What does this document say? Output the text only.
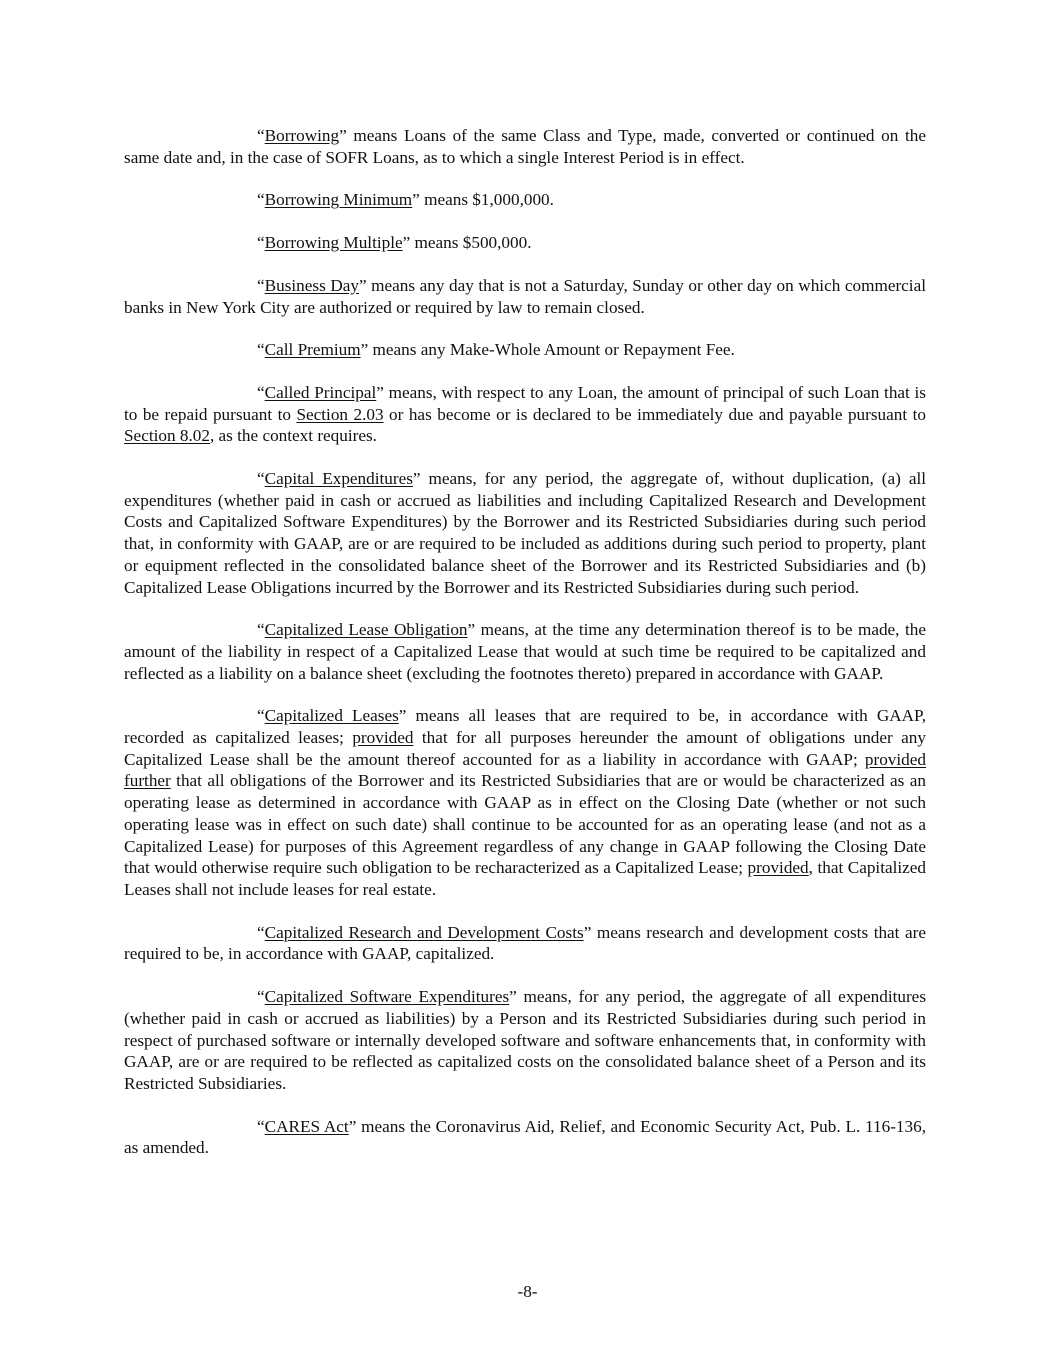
“Borrowing” means Loans of the same Class and Type, made, converted or continued on the same date and, in the case of SOFR Loans, as to which a single Interest Period is in effect.

“Borrowing Minimum” means $1,000,000.

“Borrowing Multiple” means $500,000.

“Business Day” means any day that is not a Saturday, Sunday or other day on which commercial banks in New York City are authorized or required by law to remain closed.

“Call Premium” means any Make-Whole Amount or Repayment Fee.

“Called Principal” means, with respect to any Loan, the amount of principal of such Loan that is to be repaid pursuant to Section 2.03 or has become or is declared to be immediately due and payable pursuant to Section 8.02, as the context requires.

“Capital Expenditures” means, for any period, the aggregate of, without duplication, (a) all expenditures (whether paid in cash or accrued as liabilities and including Capitalized Research and Development Costs and Capitalized Software Expenditures) by the Borrower and its Restricted Subsidiaries during such period that, in conformity with GAAP, are or are required to be included as additions during such period to property, plant or equipment reflected in the consolidated balance sheet of the Borrower and its Restricted Subsidiaries and (b) Capitalized Lease Obligations incurred by the Borrower and its Restricted Subsidiaries during such period.

“Capitalized Lease Obligation” means, at the time any determination thereof is to be made, the amount of the liability in respect of a Capitalized Lease that would at such time be required to be capitalized and reflected as a liability on a balance sheet (excluding the footnotes thereto) prepared in accordance with GAAP.

“Capitalized Leases” means all leases that are required to be, in accordance with GAAP, recorded as capitalized leases; provided that for all purposes hereunder the amount of obligations under any Capitalized Lease shall be the amount thereof accounted for as a liability in accordance with GAAP; provided further that all obligations of the Borrower and its Restricted Subsidiaries that are or would be characterized as an operating lease as determined in accordance with GAAP as in effect on the Closing Date (whether or not such operating lease was in effect on such date) shall continue to be accounted for as an operating lease (and not as a Capitalized Lease) for purposes of this Agreement regardless of any change in GAAP following the Closing Date that would otherwise require such obligation to be recharacterized as a Capitalized Lease; provided, that Capitalized Leases shall not include leases for real estate.

“Capitalized Research and Development Costs” means research and development costs that are required to be, in accordance with GAAP, capitalized.

“Capitalized Software Expenditures” means, for any period, the aggregate of all expenditures (whether paid in cash or accrued as liabilities) by a Person and its Restricted Subsidiaries during such period in respect of purchased software or internally developed software and software enhancements that, in conformity with GAAP, are or are required to be reflected as capitalized costs on the consolidated balance sheet of a Person and its Restricted Subsidiaries.

“CARES Act” means the Coronavirus Aid, Relief, and Economic Security Act, Pub. L. 116-136, as amended.

-8-
